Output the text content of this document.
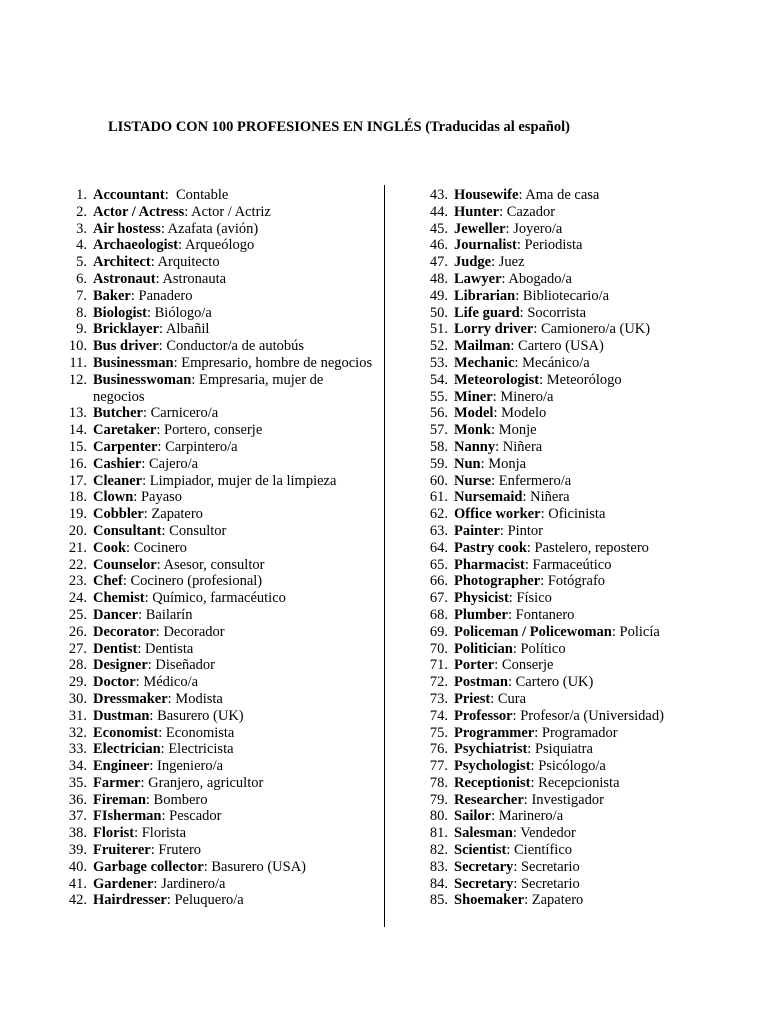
LISTADO CON 100 PROFESIONES EN INGLÉS (Traducidas al español)
1. Accountant:  Contable
2. Actor / Actress: Actor / Actriz
3. Air hostess: Azafata (avión)
4. Archaeologist: Arqueólogo
5. Architect: Arquitecto
6. Astronaut: Astronauta
7. Baker: Panadero
8. Biologist: Biólogo/a
9. Bricklayer: Albañil
10. Bus driver: Conductor/a de autobús
11. Businessman: Empresario, hombre de negocios
12. Businesswoman: Empresaria, mujer de negocios
13. Butcher: Carnicero/a
14. Caretaker: Portero, conserje
15. Carpenter: Carpintero/a
16. Cashier: Cajero/a
17. Cleaner: Limpiador, mujer de la limpieza
18. Clown: Payaso
19. Cobbler: Zapatero
20. Consultant: Consultor
21. Cook: Cocinero
22. Counselor: Asesor, consultor
23. Chef: Cocinero (profesional)
24. Chemist: Químico, farmacéutico
25. Dancer: Bailarín
26. Decorator: Decorador
27. Dentist: Dentista
28. Designer: Diseñador
29. Doctor: Médico/a
30. Dressmaker: Modista
31. Dustman: Basurero (UK)
32. Economist: Economista
33. Electrician: Electricista
34. Engineer: Ingeniero/a
35. Farmer: Granjero, agricultor
36. Fireman: Bombero
37. FIsherman: Pescador
38. Florist: Florista
39. Fruiterer: Frutero
40. Garbage collector: Basurero (USA)
41. Gardener: Jardinero/a
42. Hairdresser: Peluquero/a
43. Housewife: Ama de casa
44. Hunter: Cazador
45. Jeweller: Joyero/a
46. Journalist: Periodista
47. Judge: Juez
48. Lawyer: Abogado/a
49. Librarian: Bibliotecario/a
50. Life guard: Socorrista
51. Lorry driver: Camionero/a (UK)
52. Mailman: Cartero (USA)
53. Mechanic: Mecánico/a
54. Meteorologist: Meteorólogo
55. Miner: Minero/a
56. Model: Modelo
57. Monk: Monje
58. Nanny: Niñera
59. Nun: Monja
60. Nurse: Enfermero/a
61. Nursemaid: Niñera
62. Office worker: Oficinista
63. Painter: Pintor
64. Pastry cook: Pastelero, repostero
65. Pharmacist: Farmaceútico
66. Photographer: Fotógrafo
67. Physicist: Físico
68. Plumber: Fontanero
69. Policeman / Policewoman: Policía
70. Politician: Político
71. Porter: Conserje
72. Postman: Cartero (UK)
73. Priest: Cura
74. Professor: Profesor/a (Universidad)
75. Programmer: Programador
76. Psychiatrist: Psiquiatra
77. Psychologist: Psicólogo/a
78. Receptionist: Recepcionista
79. Researcher: Investigador
80. Sailor: Marinero/a
81. Salesman: Vendedor
82. Scientist: Científico
83. Secretary: Secretario
84. Secretary: Secretario
85. Shoemaker: Zapatero
